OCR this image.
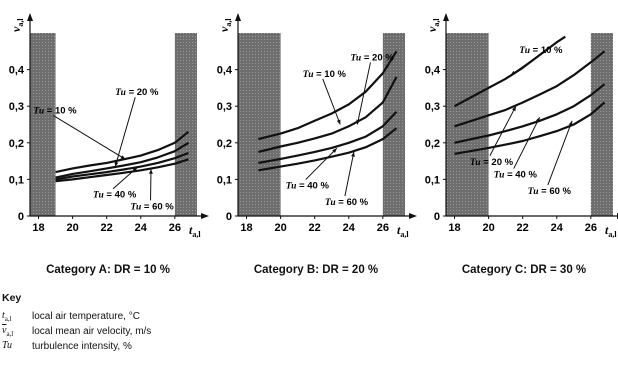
18 20 22 24 26
0
0,1
0,2
0,3
0,4
$t_{a,l}$
$v_{a,l}$
Tu = 10 %
Tu = 20 %
Tu = 40 %
Tu = 60 %
18 20 22 24 26
0
0,1
0,2
0,3
0,4
$t_{a,l}$
$v_{a,l}$
Tu = 20 %
Tu = 10 %
Tu = 40 %
Tu = 60 %
18 20 22 24 26
0
0,1
0,2
0,3
0,4
$t_{a,l}$
$v_{a,l}$
Tu = 10 %
Tu = 20 %
Tu = 40 %
Tu = 60 %
Category A: DR = 10 %	Category B: DR = 20 %	Category C: DR = 30 %
Key
$t_{a,l}$	local air temperature, °C
$\overline{v}_{a,l}$	local mean air velocity, m/s
Tu	turbulence intensity, %
